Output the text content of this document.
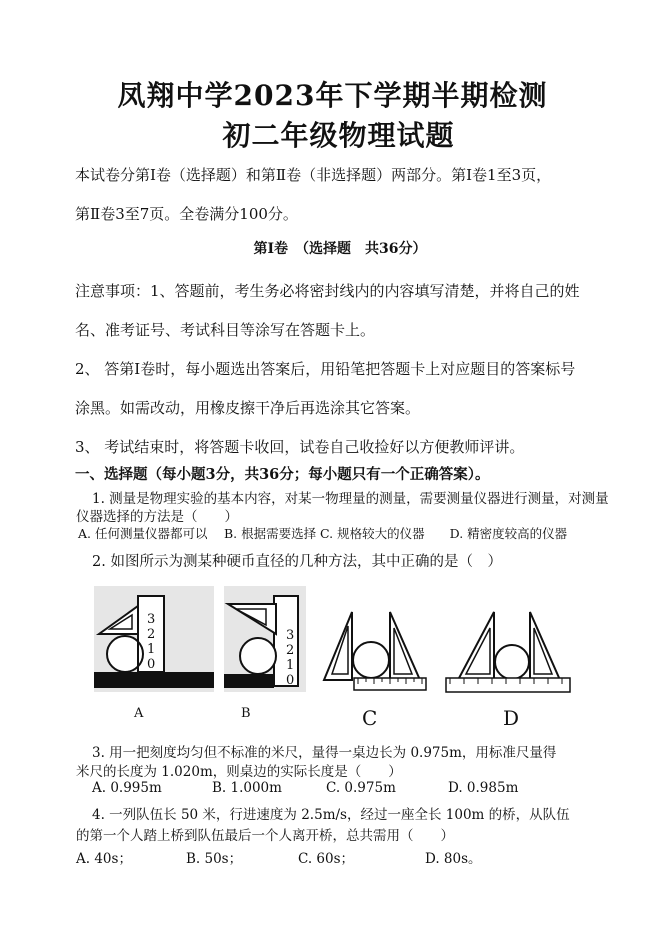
凤翔中学2023年下学期半期检测
初二年级物理试题
本试卷分第Ⅰ卷（选择题）和第Ⅱ卷（非选择题）两部分。第Ⅰ卷1至3页，
第Ⅱ卷3至7页。全卷满分100分。
第Ⅰ卷　（选择题　共36分）
注意事项：1、答题前，考生务必将密封线内的内容填写清楚，并将自己的姓
名、准考证号、考试科目等涂写在答题卡上。
2、 答第Ⅰ卷时，每小题选出答案后，用铅笔把答题卡上对应题目的答案标号
涂黑。如需改动，用橡皮擦干净后再选涂其它答案。
3、 考试结束时，将答题卡收回，试卷自己收捡好以方便教师评讲。
一、选择题（每小题3分，共36分；每小题只有一个正确答案）。
1. 测量是物理实验的基本内容，对某一物理量的测量，需要测量仪器进行测量，对测量
仪器选择的方法是（　　）
A. 任何测量仪器都可以　 B. 根据需要选择 C. 规格较大的仪器　　D. 精密度较高的仪器
2. 如图所示为测某种硬币直径的几种方法，其中正确的是（　）
3
2
1
0
A
3
2
1
0
B	C	D
3. 用一把刻度均匀但不标准的米尺，量得一桌边长为 0.975m，用标准尺量得
米尺的长度为 1.020m，则桌边的实际长度是（　　）
A. 0.995m	B. 1.000m	C. 0.975m	D. 0.985m
4. 一列队伍长 50 米，行进速度为 2.5m/s，经过一座全长 100m 的桥，从队伍
的第一个人踏上桥到队伍最后一个人离开桥，总共需用（　　）
A. 40s；	B. 50s；	C. 60s；	D. 80s。
